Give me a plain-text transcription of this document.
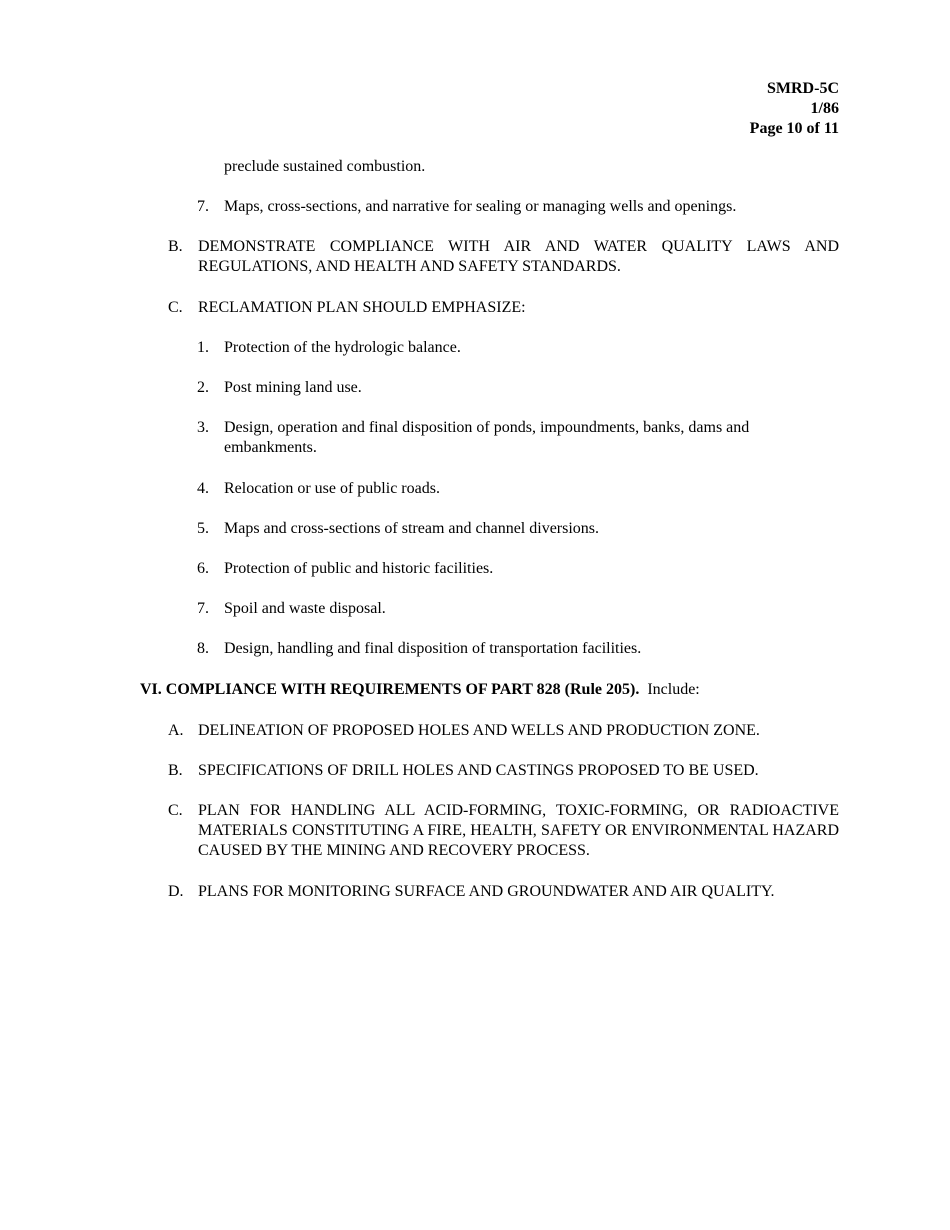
SMRD-5C
1/86
Page 10 of 11
preclude sustained combustion.
7. Maps, cross-sections, and narrative for sealing or managing wells and openings.
B. DEMONSTRATE COMPLIANCE WITH AIR AND WATER QUALITY LAWS AND REGULATIONS, AND HEALTH AND SAFETY STANDARDS.
C. RECLAMATION PLAN SHOULD EMPHASIZE:
1. Protection of the hydrologic balance.
2. Post mining land use.
3. Design, operation and final disposition of ponds, impoundments, banks, dams and embankments.
4. Relocation or use of public roads.
5. Maps and cross-sections of stream and channel diversions.
6. Protection of public and historic facilities.
7. Spoil and waste disposal.
8. Design, handling and final disposition of transportation facilities.
VI. COMPLIANCE WITH REQUIREMENTS OF PART 828 (Rule 205). Include:
A. DELINEATION OF PROPOSED HOLES AND WELLS AND PRODUCTION ZONE.
B. SPECIFICATIONS OF DRILL HOLES AND CASTINGS PROPOSED TO BE USED.
C. PLAN FOR HANDLING ALL ACID-FORMING, TOXIC-FORMING, OR RADIOACTIVE MATERIALS CONSTITUTING A FIRE, HEALTH, SAFETY OR ENVIRONMENTAL HAZARD CAUSED BY THE MINING AND RECOVERY PROCESS.
D. PLANS FOR MONITORING SURFACE AND GROUNDWATER AND AIR QUALITY.
